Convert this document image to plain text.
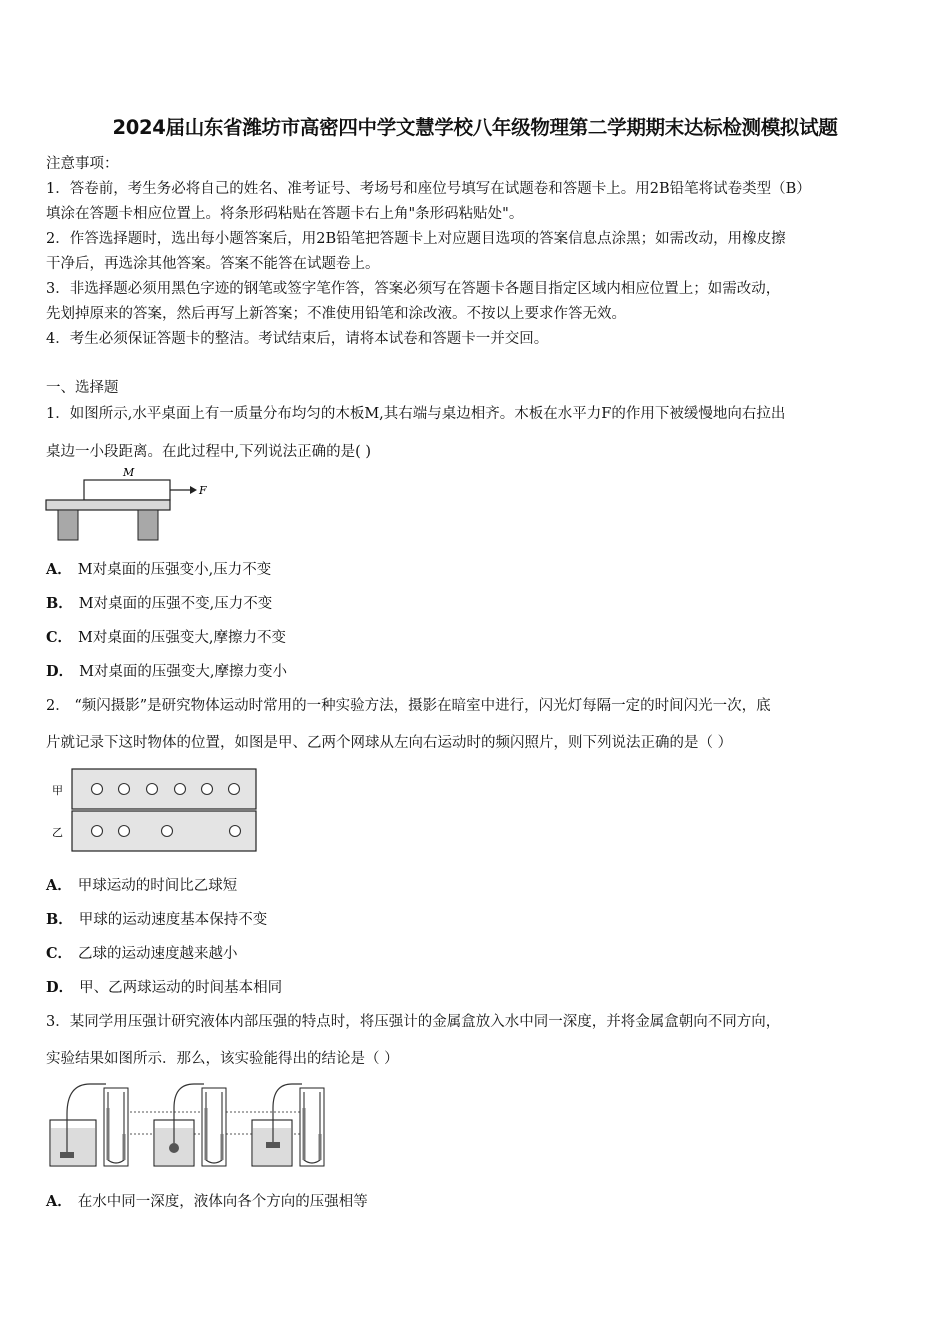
2024届山东省潍坊市高密四中学文慧学校八年级物理第二学期期末达标检测模拟试题
注意事项：
1．答卷前，考生务必将自己的姓名、准考证号、考场号和座位号填写在试题卷和答题卡上。用2B铅笔将试卷类型（B）
填涂在答题卡相应位置上。将条形码粘贴在答题卡右上角"条形码粘贴处"。
2．作答选择题时，选出每小题答案后，用2B铅笔把答题卡上对应题目选项的答案信息点涂黑；如需改动，用橡皮擦
干净后，再选涂其他答案。答案不能答在试题卷上。
3．非选择题必须用黑色字迹的钢笔或签字笔作答，答案必须写在答题卡各题目指定区域内相应位置上；如需改动，
先划掉原来的答案，然后再写上新答案；不准使用铅笔和涂改液。不按以上要求作答无效。
4．考生必须保证答题卡的整洁。考试结束后，请将本试卷和答题卡一并交回。
一、选择题
1．如图所示,水平桌面上有一质量分布均匀的木板M,其右端与桌边相齐。木板在水平力F的作用下被缓慢地向右拉出
桌边一小段距离。在此过程中,下列说法正确的是( )
M
F
A． M对桌面的压强变小,压力不变
B． M对桌面的压强不变,压力不变
C． M对桌面的压强变大,摩擦力不变
D． M对桌面的压强变大,摩擦力变小
2． “频闪摄影”是研究物体运动时常用的一种实验方法，摄影在暗室中进行，闪光灯每隔一定的时间闪光一次，底
片就记录下这时物体的位置，如图是甲、乙两个网球从左向右运动时的频闪照片，则下列说法正确的是（ ）
甲
乙
A． 甲球运动的时间比乙球短
B． 甲球的运动速度基本保持不变
C． 乙球的运动速度越来越小
D． 甲、乙两球运动的时间基本相同
3．某同学用压强计研究液体内部压强的特点时，将压强计的金属盒放入水中同一深度，并将金属盒朝向不同方向，
实验结果如图所示．那么，该实验能得出的结论是（ ）
A． 在水中同一深度，液体向各个方向的压强相等
